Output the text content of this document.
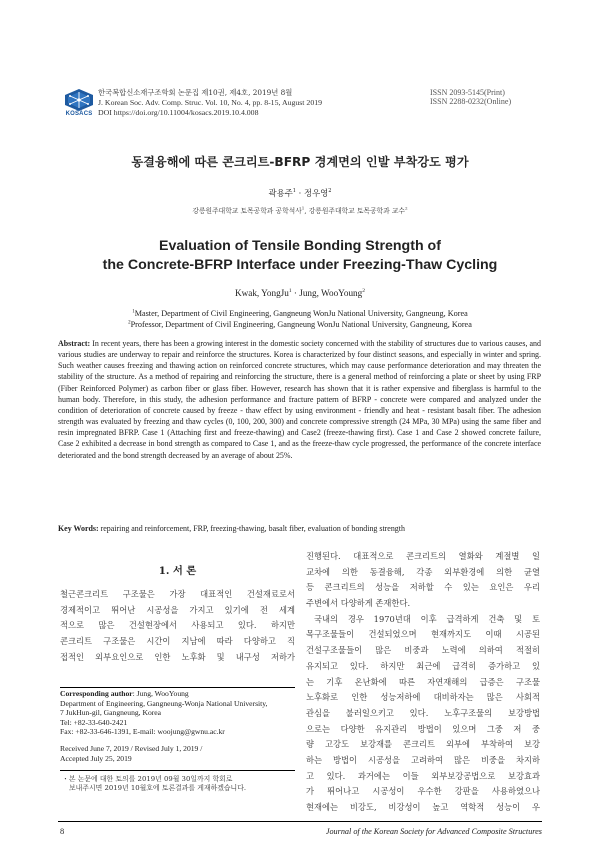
KOSACS
한국복합신소재구조학회 논문집 제10권, 제4호, 2019년 8월
J. Korean Soc. Adv. Comp. Struc. Vol. 10, No. 4, pp. 8-15, August 2019
DOI https://doi.org/10.11004/kosacs.2019.10.4.008
ISSN 2093-5145(Print)
ISSN 2288-0232(Online)
동결융해에 따른 콘크리트-BFRP 경계면의 인발 부착강도 평가
곽용주$^1$ · 정우영$^2$
강릉원주대학교 토목공학과 공학석사$^1$, 강릉원주대학교 토목공학과 교수$^2$
Evaluation of Tensile Bonding Strength of
the Concrete-BFRP Interface under Freezing-Thaw Cycling
Kwak, YongJu$^1$ · Jung, WooYoung$^2$
$^1$Master, Department of Civil Engineering, Gangneung WonJu National University, Gangneung, Korea
$^2$Professor, Department of Civil Engineering, Gangneung WonJu National University, Gangneung, Korea
Abstract: In recent years, there has been a growing interest in the domestic society concerned with the stability of structures due to various causes, and various studies are underway to repair and reinforce the structures. Korea is characterized by four distinct seasons, and especially in winter and spring. Such weather causes freezing and thawing action on reinforced concrete structures, which may cause performance deterioration and may threaten the stability of the structure. As a method of repairing and reinforcing the structure, there is a general method of reinforcing a plate or sheet by using FRP (Fiber Reinforced Polymer) as carbon fiber or glass fiber. However, research has shown that it is rather expensive and fiberglass is harmful to the human body. Therefore, in this study, the adhesion performance and fracture pattern of BFRP - concrete were compared and analyzed under the condition of deterioration of concrete caused by freeze - thaw effect by using environment - friendly and heat - resistant basalt fiber. The adhesion strength was evaluated by freezing and thaw cycles (0, 100, 200, 300) and concrete compressive strength (24 MPa, 30 MPa) using the same fiber and resin impregnated BFRP. Case 1 (Attaching first and freeze-thawing) and Case2 (freeze-thawing first). Case 1 and Case 2 showed concrete failure, Case 2 exhibited a decrease in bond strength as compared to Case 1, and as the freeze-thaw cycle progressed, the performance of the concrete interface deteriorated and the bond strength decreased by an average of about 25%.
Key Words: repairing and reinforcement, FRP, freezing-thawing, basalt fiber, evaluation of bonding strength
1. 서 론
철근콘크리트 구조물은 가장 대표적인 건설재료로서
경제적이고 뛰어난 시공성을 가지고 있기에 전 세계
적으로 많은 건설현장에서 사용되고 있다. 하지만
콘크리트 구조물은 시간이 지남에 따라 다양하고 직
접적인 외부요인으로 인한 노후화 및 내구성 저하가
Corresponding author: Jung, WooYoung
Department of Engineering, Gangneung-Wonja National University,
7 JukHun-gil, Gangneung, Korea
Tel: +82-33-640-2421
Fax: +82-33-646-1391, E-mail: woojung@gwnu.ac.kr
Received June 7, 2019 / Revised July 1, 2019 /
Accepted July 25, 2019
・본 논문에 대한 토의를 2019년 09월 30일까지 학회로
보내주시면 2019년 10월호에 토론결과를 게재하겠습니다.
진행된다. 대표적으로 콘크리트의 열화와 계절별 일
교차에 의한 동결융해, 각종 외부환경에 의한 균열
등 콘크리트의 성능을 저하할 수 있는 요인은 우리
주변에서 다양하게 존재한다.
국내의 경우 1970년대 이후 급격하게 건축 및 토
목구조물들이 건설되었으며 현재까지도 이때 시공된
건설구조물들이 많은 비중과 노력에 의하여 적절히
유지되고 있다. 하지만 최근에 급격히 증가하고 있
는 기후 온난화에 따른 자연재해의 급증은 구조물
노후화로 인한 성능저하에 대비하자는 많은 사회적
관심을 불러일으키고 있다. 노후구조물의 보강방법
으로는 다양한 유지관리 방법이 있으며 그중 저 중
량 고강도 보강재를 콘크리트 외부에 부착하여 보강
하는 방법이 시공성을 고려하여 많은 비중을 차지하
고 있다. 과거에는 이들 외부보강공법으로 보강효과
가 뛰어나고 시공성이 우수한 강판을 사용하였으나
현재에는 비강도, 비강성이 높고 역학적 성능이 우
8	Journal of the Korean Society for Advanced Composite Structures
